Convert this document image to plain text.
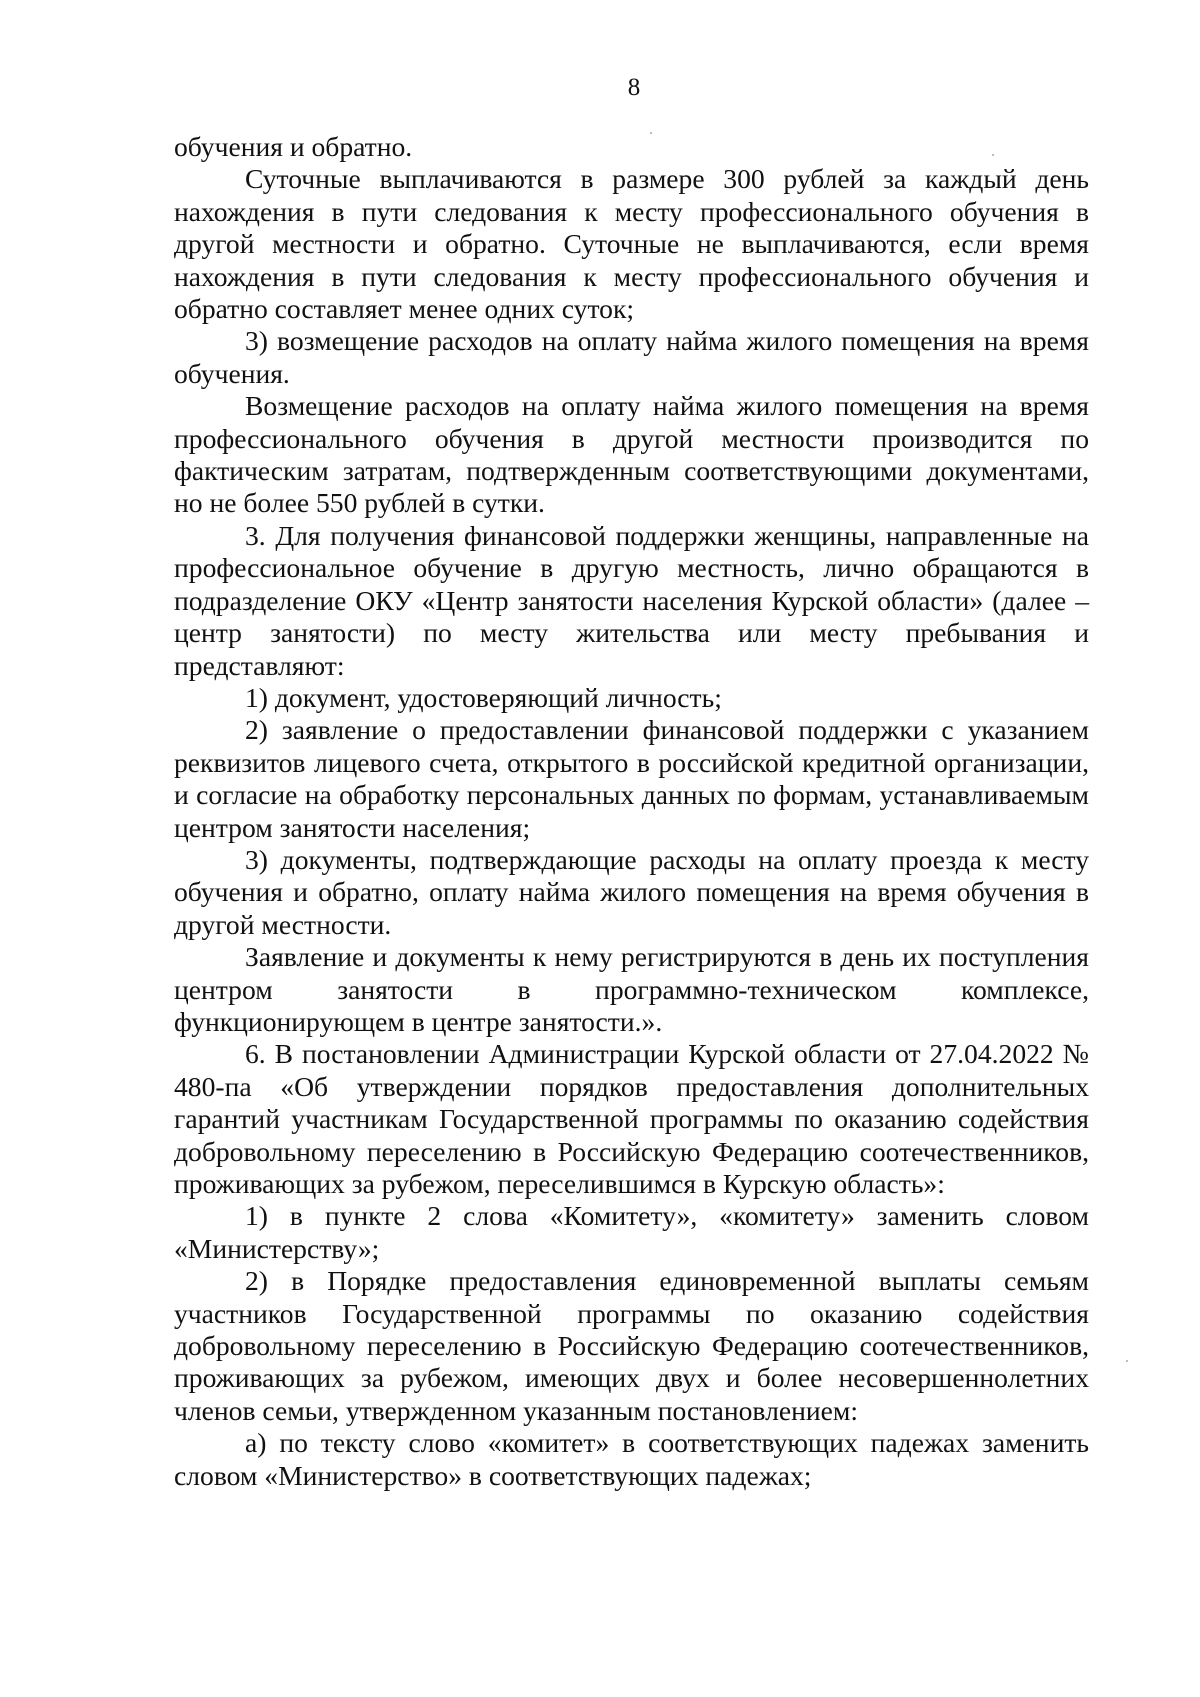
8

обучения и обратно.

Суточные выплачиваются в размере 300 рублей за каждый день нахождения в пути следования к месту профессионального обучения в другой местности и обратно. Суточные не выплачиваются, если время нахождения в пути следования к месту профессионального обучения и обратно составляет менее одних суток;

3) возмещение расходов на оплату найма жилого помещения на время обучения.

Возмещение расходов на оплату найма жилого помещения на время профессионального обучения в другой местности производится по фактическим затратам, подтвержденным соответствующими документами, но не более 550 рублей в сутки.

3. Для получения финансовой поддержки женщины, направленные на профессиональное обучение в другую местность, лично обращаются в подразделение ОКУ «Центр занятости населения Курской области» (далее – центр занятости) по месту жительства или месту пребывания и представляют:

1) документ, удостоверяющий личность;

2) заявление о предоставлении финансовой поддержки с указанием реквизитов лицевого счета, открытого в российской кредитной организации, и согласие на обработку персональных данных по формам, устанавливаемым центром занятости населения;

3) документы, подтверждающие расходы на оплату проезда к месту обучения и обратно, оплату найма жилого помещения на время обучения в другой местности.

Заявление и документы к нему регистрируются в день их поступления центром занятости в программно-техническом комплексе, функционирующем в центре занятости.».

6. В постановлении Администрации Курской области от 27.04.2022 № 480-па «Об утверждении порядков предоставления дополнительных гарантий участникам Государственной программы по оказанию содействия добровольному переселению в Российскую Федерацию соотечественников, проживающих за рубежом, переселившимся в Курскую область»:

1) в пункте 2 слова «Комитету», «комитету» заменить словом «Министерству»;

2) в Порядке предоставления единовременной выплаты семьям участников Государственной программы по оказанию содействия добровольному переселению в Российскую Федерацию соотечественников, проживающих за рубежом, имеющих двух и более несовершеннолетних членов семьи, утвержденном указанным постановлением:

а) по тексту слово «комитет» в соответствующих падежах заменить словом «Министерство» в соответствующих падежах;
